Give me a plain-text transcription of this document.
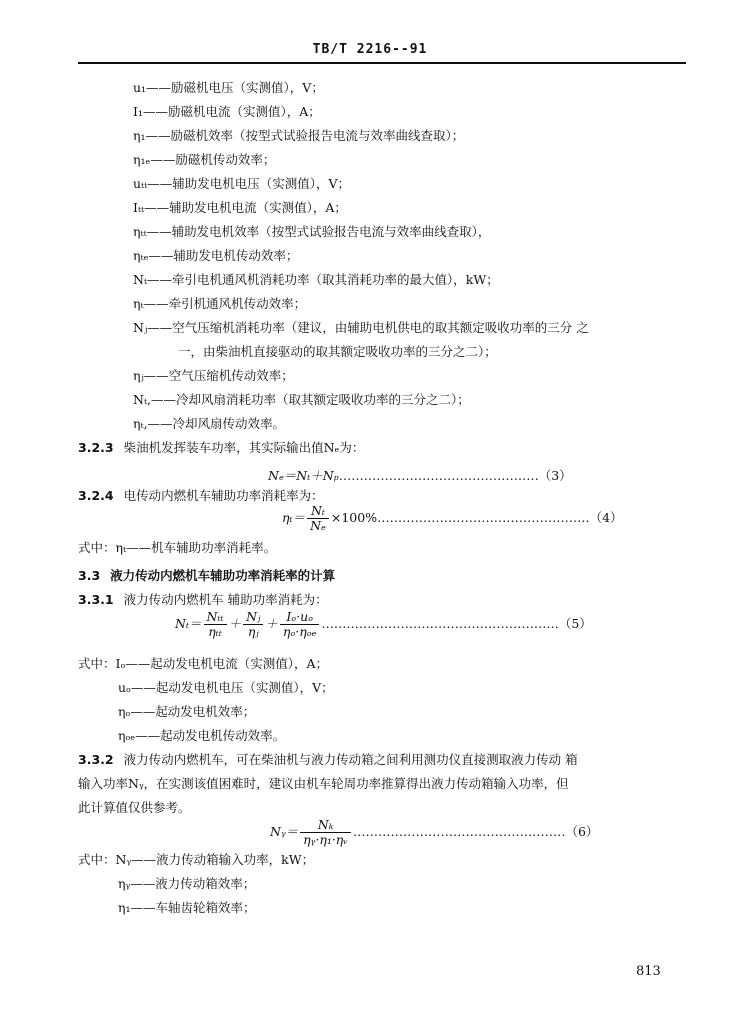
TB/T 2216--91
u₁——励磁机电压（实测值），V；
I₁——励磁机电流（实测值），A；
η₁——励磁机效率（按型式试验报告电流与效率曲线查取）；
η₁ₑ——励磁机传动效率；
uₜₜ——辅助发电机电压（实测值），V；
Iₜₜ——辅助发电机电流（实测值），A；
ηₜₜ——辅助发电机效率（按型式试验报告电流与效率曲线查取），
ηₜₑ——辅助发电机传动效率；
Nₜ——牵引电机通风机消耗功率（取其消耗功率的最大值），kW；
ηₜ——牵引机通风机传动效率；
Nⱼ——空气压缩机消耗功率（建议，由辅助电机供电的取其额定吸收功率的三分 之
一，由柴油机直接驱动的取其额定吸收功率的三分之二）；
ηⱼ——空气压缩机传动效率；
Nₜ,——冷却风扇消耗功率（取其额定吸收功率的三分之二）；
ηₜ,——冷却风扇传动效率。
3.2.3 柴油机发挥装车功率，其实际输出值Nₑ为：
Nₑ＝Nₜ＋Nₚ…………………………………………（3）
3.2.4 电传动内燃机车辅助功率消耗率为：
$\eta_t= \frac{\text{Nₜ}}{\text{Nₑ}}$ ×100%……………………………………………（4）
式中：ηₜ——机车辅助功率消耗率。
3.3 液力传动内燃机车辅助功率消耗率的计算
3.3.1 液力传动内燃机车 辅助功率消耗为：
$N_t= \frac{\text{Nₜₜ}}{\text{ηₜₜ}} + \frac{\text{Nⱼ}}{\text{ηⱼ}} + \frac{\text{Iₒ·uₒ}}{\text{ηₒ·ηₒₑ}}$ …………………………………………………（5）
式中：Iₒ——起动发电机电流（实测值），A；
uₒ——起动发电机电压（实测值），V；
ηₒ——起动发电机效率；
ηₒₑ——起动发电机传动效率。
3.3.2 液力传动内燃机车，可在柴油机与液力传动箱之间利用测功仪直接测取液力传动 箱
输入功率Nᵧ，在实测该值困难时，建议由机车轮周功率推算得出液力传动箱输入功率，但
此计算值仅供参考。
Nᵧ＝ $\frac{\text{Nₖ}}{\text{ηᵧ·η₁·ηᵥ}}$ ……………………………………………（6）
式中：Nᵧ——液力传动箱输入功率，kW；
ηᵧ——液力传动箱效率；
η₁——车轴齿轮箱效率；
813
